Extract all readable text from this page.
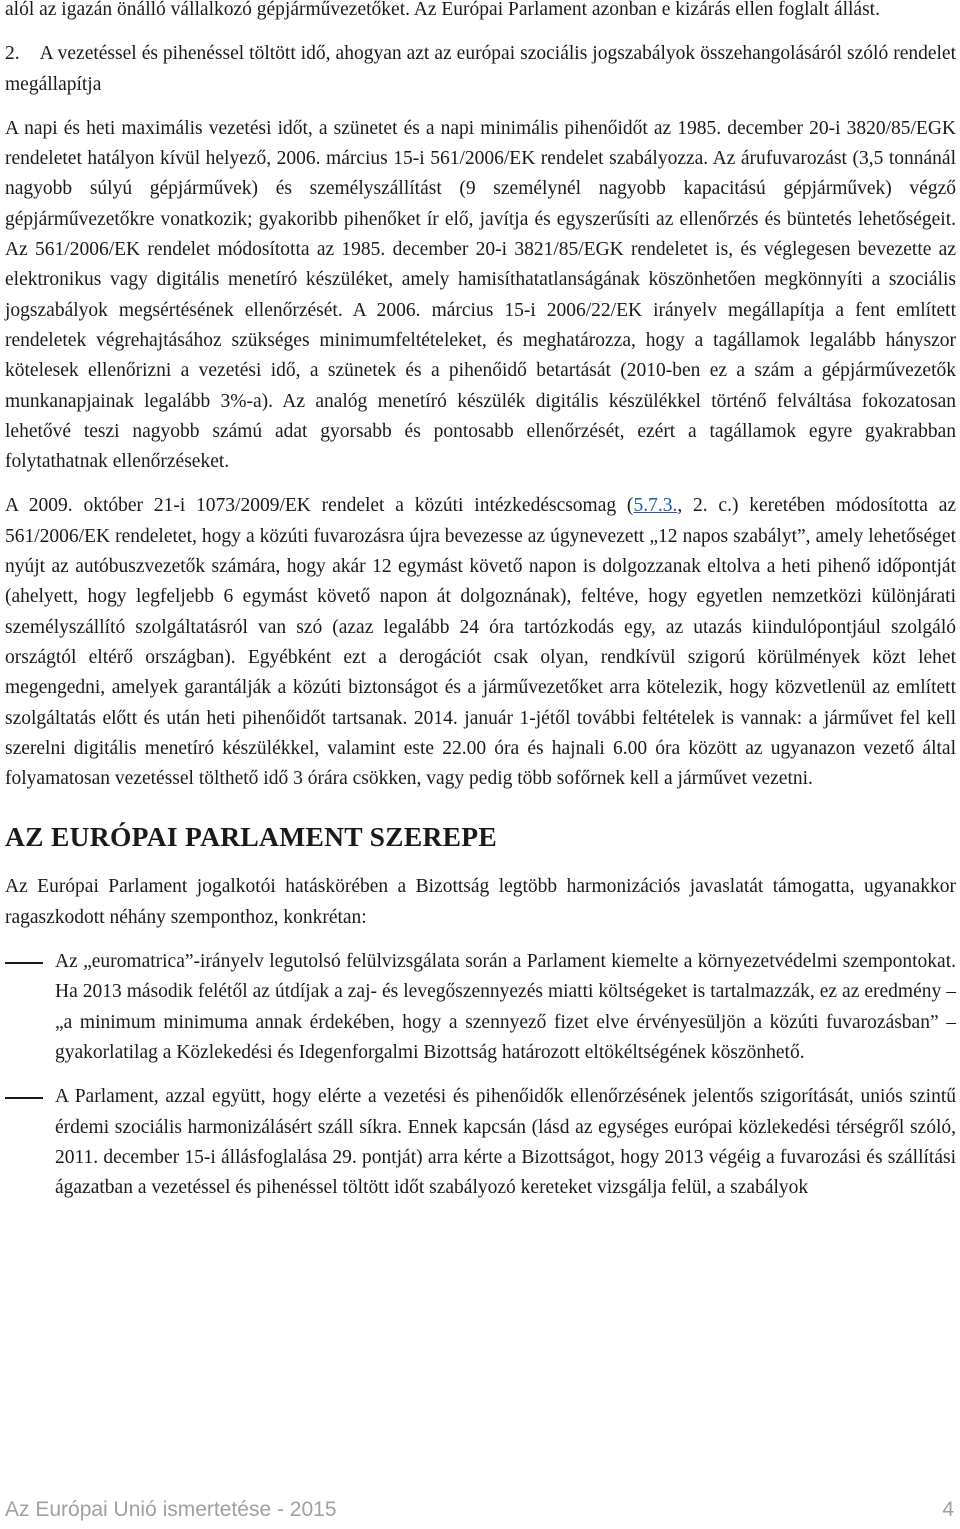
alól az igazán önálló vállalkozó gépjárművezetőket. Az Európai Parlament azonban e kizárás ellen foglalt állást.

2. A vezetéssel és pihenéssel töltött idő, ahogyan azt az európai szociális jogszabályok összehangolásáról szóló rendelet megállapítja

A napi és heti maximális vezetési időt, a szünetet és a napi minimális pihenőidőt az 1985. december 20-i 3820/85/EGK rendeletet hatályon kívül helyező, 2006. március 15-i 561/2006/EK rendelet szabályozza. Az árufuvarozást (3,5 tonnánál nagyobb súlyú gépjárművek) és személyszállítást (9 személynél nagyobb kapacitású gépjárművek) végző gépjárművezetőkre vonatkozik; gyakoribb pihenőket ír elő, javítja és egyszerűsíti az ellenőrzés és büntetés lehetőségeit. Az 561/2006/EK rendelet módosította az 1985. december 20-i 3821/85/EGK rendeletet is, és véglegesen bevezette az elektronikus vagy digitális menetíró készüléket, amely hamisíthatatlanságának köszönhetően megkönnyíti a szociális jogszabályok megsértésének ellenőrzését. A 2006. március 15-i 2006/22/EK irányelv megállapítja a fent említett rendeletek végrehajtásához szükséges minimumfeltételeket, és meghatározza, hogy a tagállamok legalább hányszor kötelesek ellenőrizni a vezetési idő, a szünetek és a pihenőidő betartását (2010-ben ez a szám a gépjárművezetők munkanapjainak legalább 3%-a). Az analóg menetíró készülék digitális készülékkel történő felváltása fokozatosan lehetővé teszi nagyobb számú adat gyorsabb és pontosabb ellenőrzését, ezért a tagállamok egyre gyakrabban folytathatnak ellenőrzéseket.

A 2009. október 21-i 1073/2009/EK rendelet a közúti intézkedéscsomag (5.7.3., 2. c.) keretében módosította az 561/2006/EK rendeletet, hogy a közúti fuvarozásra újra bevezesse az úgynevezett „12 napos szabályt”, amely lehetőséget nyújt az autóbuszvezetők számára, hogy akár 12 egymást követő napon is dolgozzanak eltolva a heti pihenő időpontját (ahelyett, hogy legfeljebb 6 egymást követő napon át dolgoznának), feltéve, hogy egyetlen nemzetközi különjárati személyszállító szolgáltatásról van szó (azaz legalább 24 óra tartózkodás egy, az utazás kiindulópontjául szolgáló országtól eltérő országban). Egyébként ezt a derogációt csak olyan, rendkívül szigorú körülmények közt lehet megengedni, amelyek garantálják a közúti biztonságot és a járművezetőket arra kötelezik, hogy közvetlenül az említett szolgáltatás előtt és után heti pihenőidőt tartsanak. 2014. január 1-jétől további feltételek is vannak: a járművet fel kell szerelni digitális menetíró készülékkel, valamint este 22.00 óra és hajnali 6.00 óra között az ugyanazon vezető által folyamatosan vezetéssel tölthető idő 3 órára csökken, vagy pedig több sofőrnek kell a járművet vezetni.

AZ EURÓPAI PARLAMENT SZEREPE

Az Európai Parlament jogalkotói hatáskörében a Bizottság legtöbb harmonizációs javaslatát támogatta, ugyanakkor ragaszkodott néhány szemponthoz, konkrétan:

Az „euromatrica”-irányelv legutolsó felülvizsgálata során a Parlament kiemelte a környezetvédelmi szempontokat. Ha 2013 második felétől az útdíjak a zaj- és levegőszennyezés miatti költségeket is tartalmazzák, ez az eredmény – „a minimum minimuma annak érdekében, hogy a szennyező fizet elve érvényesüljön a közúti fuvarozásban” – gyakorlatilag a Közlekedési és Idegenforgalmi Bizottság határozott eltökéltségének köszönhető.

A Parlament, azzal együtt, hogy elérte a vezetési és pihenőidők ellenőrzésének jelentős szigorítását, uniós szintű érdemi szociális harmonizálásért száll síkra. Ennek kapcsán (lásd az egységes európai közlekedési térségről szóló, 2011. december 15-i állásfoglalása 29. pontját) arra kérte a Bizottságot, hogy 2013 végéig a fuvarozási és szállítási ágazatban a vezetéssel és pihenéssel töltött időt szabályozó kereteket vizsgálja felül, a szabályok

Az Európai Unió ismertetése - 2015	4
